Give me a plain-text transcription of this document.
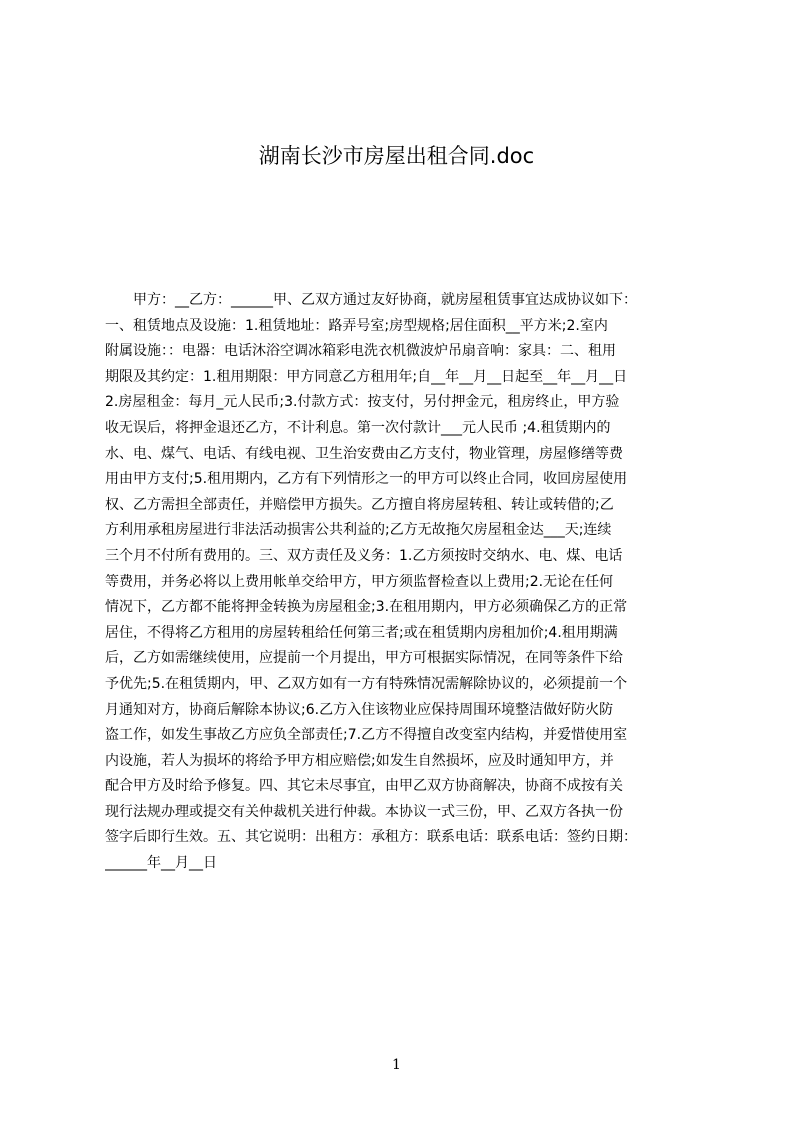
湖南长沙市房屋出租合同.doc
　　甲方：__乙方：______甲、乙双方通过友好协商，就房屋租赁事宜达成协议如下：
一、租赁地点及设施：1.租赁地址：路弄号室;房型规格;居住面积__平方米;2.室内
附属设施：：电器：电话沐浴空调冰箱彩电洗衣机微波炉吊扇音响：家具：二、租用
期限及其约定：1.租用期限：甲方同意乙方租用年;自__年__月__日起至__年__月__日
2.房屋租金：每月_元人民币;3.付款方式：按支付，另付押金元，租房终止，甲方验
收无误后，将押金退还乙方，不计利息。第一次付款计___元人民币 ;4.租赁期内的
水、电、煤气、电话、有线电视、卫生治安费由乙方支付，物业管理，房屋修缮等费
用由甲方支付;5.租用期内，乙方有下列情形之一的甲方可以终止合同，收回房屋使用
权、乙方需担全部责任，并赔偿甲方损失。乙方擅自将房屋转租、转让或转借的;乙
方利用承租房屋进行非法活动损害公共利益的;乙方无故拖欠房屋租金达___天;连续
三个月不付所有费用的。三、双方责任及义务：1.乙方须按时交纳水、电、煤、电话
等费用，并务必将以上费用帐单交给甲方，甲方须监督检查以上费用;2.无论在任何
情况下，乙方都不能将押金转换为房屋租金;3.在租用期内，甲方必须确保乙方的正常
居住，不得将乙方租用的房屋转租给任何第三者;或在租赁期内房租加价;4.租用期满
后，乙方如需继续使用，应提前一个月提出，甲方可根据实际情况，在同等条件下给
予优先;5.在租赁期内，甲、乙双方如有一方有特殊情况需解除协议的，必须提前一个
月通知对方，协商后解除本协议;6.乙方入住该物业应保持周围环境整洁做好防火防
盗工作，如发生事故乙方应负全部责任;7.乙方不得擅自改变室内结构，并爱惜使用室
内设施，若人为损坏的将给予甲方相应赔偿;如发生自然损坏，应及时通知甲方，并
配合甲方及时给予修复。四、其它未尽事宜，由甲乙双方协商解决，协商不成按有关
现行法规办理或提交有关仲裁机关进行仲裁。本协议一式三份，甲、乙双方各执一份
签字后即行生效。五、其它说明：出租方：承租方：联系电话：联系电话：签约日期：
______年__月__日
1
